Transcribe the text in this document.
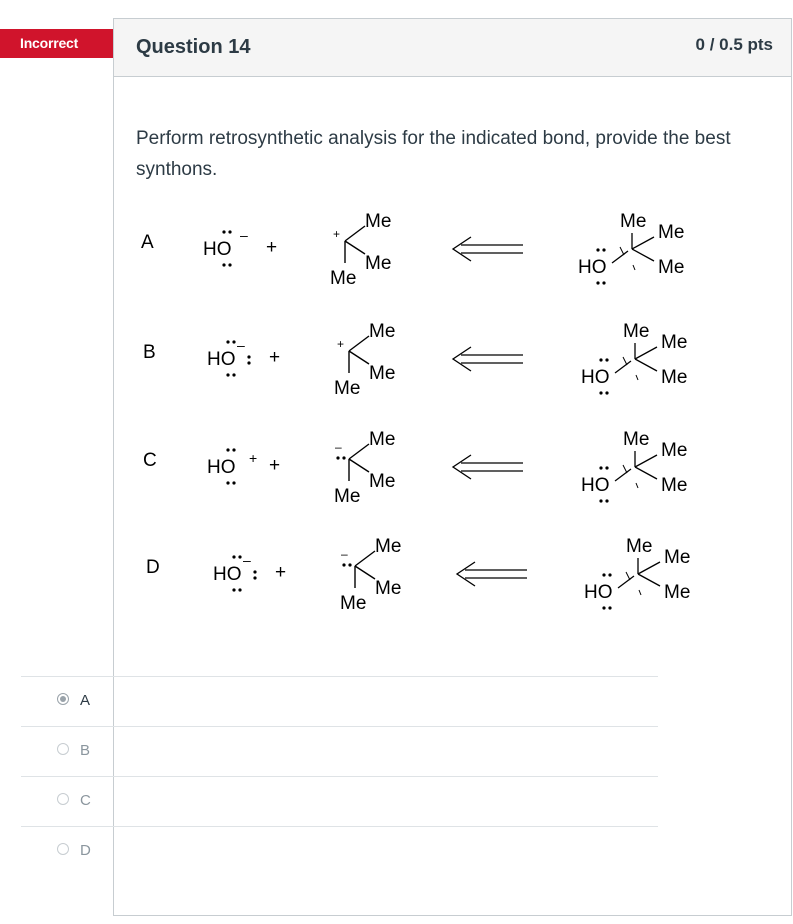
Incorrect	Question 14	0 / 0.5 pts
Perform retrosynthetic analysis for the indicated bond, provide the best synthons.
A	HO
–
+
Me
Me
Me
+
HO
Me
Me
Me
B	HO
–
+
Me
Me
Me
+
HO
Me
Me
Me
C	HO + +
Me
Me
Me
–
HO
Me
Me
Me
D	HO
–
+
Me
Me
Me
–
HO
Me
Me
Me
A
B
C
D
